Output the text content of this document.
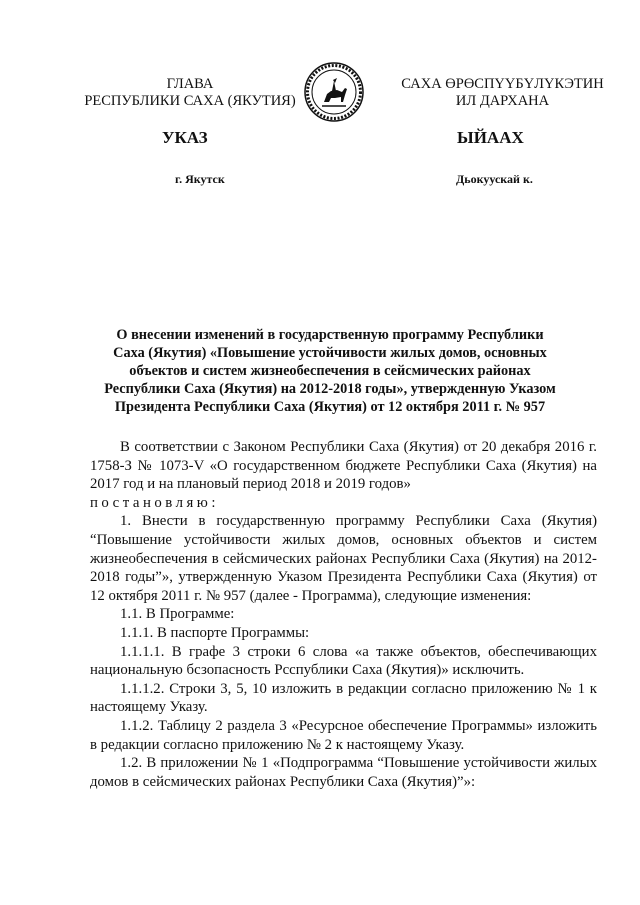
ГЛАВА
РЕСПУБЛИКИ САХА (ЯКУТИЯ)
САХА ӨРӨСПҮҮБҮЛҮКЭТИН
ИЛ ДАРХАНА
УКАЗ	ЫЙААХ
г. Якутск	Дьокуускай к.
О внесении изменений в государственную программу Республики
Саха (Якутия) «Повышение устойчивости жилых домов, основных
объектов и систем жизнеобеспечения в сейсмических районах
Республики Саха (Якутия) на 2012-2018 годы», утвержденную Указом
Президента Республики Саха (Якутия) от 12 октября 2011 г. № 957

В соответствии с Законом Республики Саха (Якутия) от 20 декабря 2016 г. 1758-З № 1073-V «О государственном бюджете Республики Саха (Якутия) на 2017 год и на плановый период 2018 и 2019 годов»

постановляю:

1. Внести в государственную программу Республики Саха (Якутия) “Повышение устойчивости жилых домов, основных объектов и систем жизнеобеспечения в сейсмических районах Республики Саха (Якутия) на 2012-2018 годы”», утвержденную Указом Президента Республики Саха (Якутия) от 12 октября 2011 г. № 957 (далее - Программа), следующие изменения:

1.1. В Программе:

1.1.1. В паспорте Программы:

1.1.1.1. В графе 3 строки 6 слова «а также объектов, обеспечивающих национальную бсзопасность Рсспублики Саха (Якутия)» исключить.

1.1.1.2. Строки 3, 5, 10 изложить в редакции согласно приложению № 1 к настоящему Указу.

1.1.2. Таблицу 2 раздела 3 «Ресурсное обеспечение Программы» изложить в редакции согласно приложению № 2 к настоящему Указу.

1.2. В приложении № 1 «Подпрограмма “Повышение устойчивости жилых домов в сейсмических районах Республики Саха (Якутия)”»:
